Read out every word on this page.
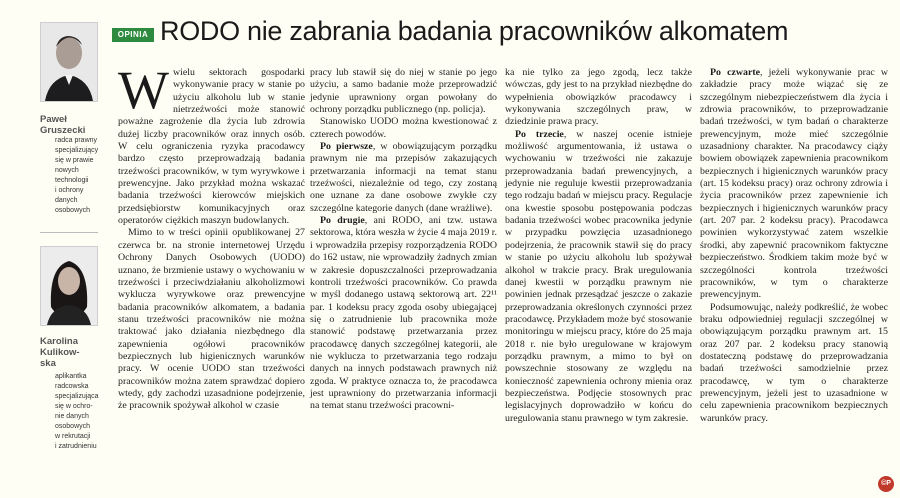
Paweł
Gruszecki
radca prawny
specjalizujący
się w prawie
nowych
technologii
i ochrony
danych
osobowych
Karolina
Kulikow-
ska
aplikantka
radcowska
specjalizująca
się w ochro-
nie danych
osobowych
w rekrutacji
i zatrudnieniu
OPINIA RODO nie zabrania badania pracowników alkomatem

Wwielu sektorach gospodarki wykonywanie pracy w stanie po użyciu alkoholu lub w stanie nietrzeźwości może stanowić poważne zagrożenie dla życia lub zdrowia dużej liczby pracowników oraz innych osób. W celu ograniczenia ryzyka pracodawcy bardzo często przeprowadzają badania trzeźwości pracowników, w tym wyrywkowe i prewencyjne. Jako przykład można wskazać badania trzeźwości kierowców miejskich przedsiębiorstw komunikacyjnych oraz operatorów ciężkich maszyn budowlanych.

Mimo to w treści opinii opublikowanej 27 czerwca br. na stronie internetowej Urzędu Ochrony Danych Osobowych (UODO) uznano, że brzmienie ustawy o wychowaniu w trzeźwości i przeciwdziałaniu alkoholizmowi wyklucza wyrywkowe oraz prewencyjne badania pracowników alkomatem, a badania stanu trzeźwości pracowników nie można traktować jako działania niezbędnego dla zapewnienia ogółowi pracowników bezpiecznych lub higienicznych warunków pracy. W ocenie UODO stan trzeźwości pracowników można zatem sprawdzać dopiero wtedy, gdy zachodzi uzasadnione podejrzenie, że pracownik spożywał alkohol w czasie

pracy lub stawił się do niej w stanie po jego użyciu, a samo badanie może przeprowadzić jedynie uprawniony organ powołany do ochrony porządku publicznego (np. policja).

Stanowisko UODO można kwestionować z czterech powodów.

Po pierwsze, w obowiązującym porządku prawnym nie ma przepisów zakazujących przetwarzania informacji na temat stanu trzeźwości, niezależnie od tego, czy zostaną one uznane za dane osobowe zwykłe czy szczególne kategorie danych (dane wrażliwe).

Po drugie, ani RODO, ani tzw. ustawa sektorowa, która weszła w życie 4 maja 2019 r. i wprowadziła przepisy rozporządzenia RODO do 162 ustaw, nie wprowadziły żadnych zmian w zakresie dopuszczalności przeprowadzania kontroli trzeźwości pracowników. Co prawda w myśl dodanego ustawą sektorową art. 22¹¹ par. 1 kodeksu pracy zgoda osoby ubiegającej się o zatrudnienie lub pracownika może stanowić podstawę przetwarzania przez pracodawcę danych szczególnej kategorii, ale nie wyklucza to przetwarzania tego rodzaju danych na innych podstawach prawnych niż zgoda. W praktyce oznacza to, że pracodawca jest uprawniony do przetwarzania informacji na temat stanu trzeźwości pracowni-

ka nie tylko za jego zgodą, lecz także wówczas, gdy jest to na przykład niezbędne do wypełnienia obowiązków pracodawcy i wykonywania szczególnych praw, w dziedzinie prawa pracy.

Po trzecie, w naszej ocenie istnieje możliwość argumentowania, iż ustawa o wychowaniu w trzeźwości nie zakazuje przeprowadzania badań prewencyjnych, a jedynie nie reguluje kwestii przeprowadzania tego rodzaju badań w miejscu pracy. Regulacje ona kwestie sposobu postępowania podczas badania trzeźwości wobec pracownika jedynie w przypadku powzięcia uzasadnionego podejrzenia, że pracownik stawił się do pracy w stanie po użyciu alkoholu lub spożywał alkohol w trakcie pracy. Brak uregulowania danej kwestii w porządku prawnym nie powinien jednak przesądzać jeszcze o zakazie przeprowadzania określonych czynności przez pracodawcę. Przykładem może być stosowanie monitoringu w miejscu pracy, które do 25 maja 2018 r. nie było uregulowane w krajowym porządku prawnym, a mimo to był on powszechnie stosowany ze względu na konieczność zapewnienia ochrony mienia oraz bezpieczeństwa. Podjęcie stosownych prac legislacyjnych doprowadziło w końcu do uregulowania stanu prawnego w tym zakresie.

Po czwarte, jeżeli wykonywanie prac w zakładzie pracy może wiązać się ze szczególnym niebezpieczeństwem dla życia i zdrowia pracowników, to przeprowadzanie badań trzeźwości, w tym badań o charakterze prewencyjnym, może mieć szczególnie uzasadniony charakter. Na pracodawcy ciąży bowiem obowiązek zapewnienia pracownikom bezpiecznych i higienicznych warunków pracy (art. 15 kodeksu pracy) oraz ochrony zdrowia i życia pracowników przez zapewnienie ich bezpiecznych i higienicznych warunków pracy (art. 207 par. 2 kodeksu pracy). Pracodawca powinien wykorzystywać zatem wszelkie środki, aby zapewnić pracownikom faktyczne bezpieczeństwo. Środkiem takim może być w szczególności kontrola trzeźwości pracowników, w tym o charakterze prewencyjnym.

Podsumowując, należy podkreślić, że wobec braku odpowiedniej regulacji szczególnej w obowiązującym porządku prawnym art. 15 oraz 207 par. 2 kodeksu pracy stanowią dostateczną podstawę do przeprowadzania badań trzeźwości samodzielnie przez pracodawcę, w tym o charakterze prewencyjnym, jeżeli jest to uzasadnione w celu zapewnienia pracownikom bezpiecznych warunków pracy.

©P
